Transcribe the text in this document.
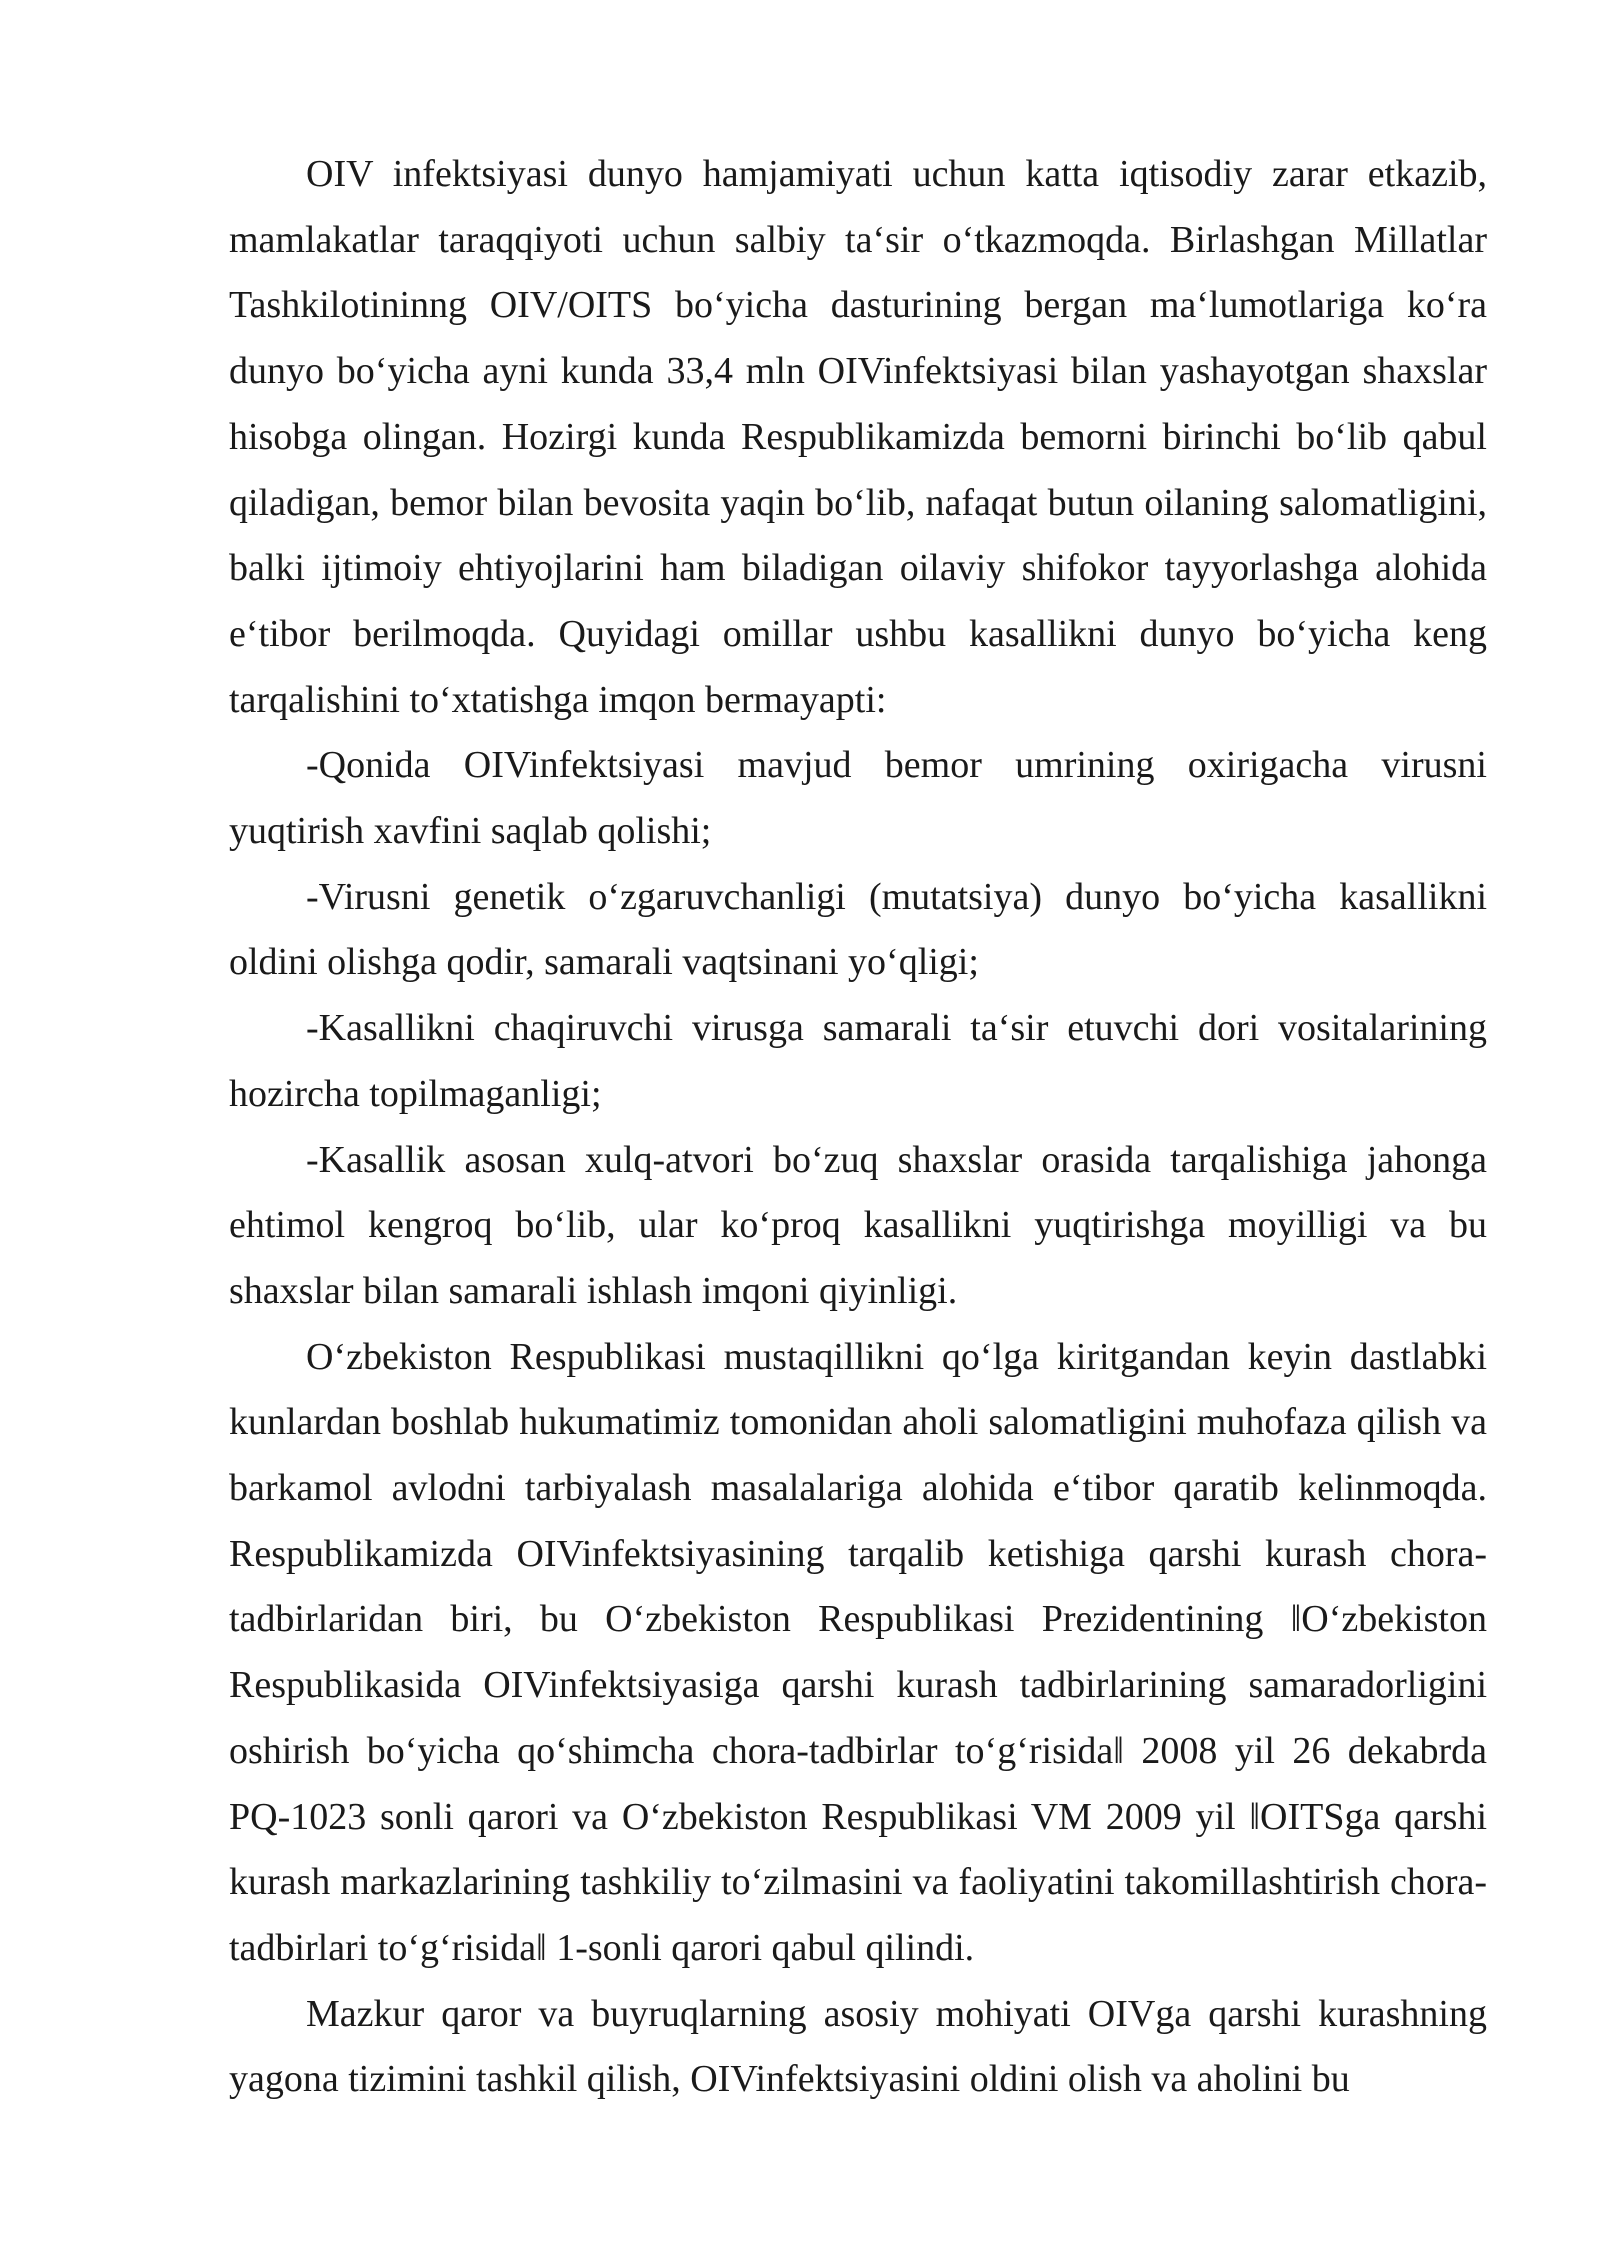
OIV infektsiyasi dunyo hamjamiyati uchun katta iqtisodiy zarar etkazib, mamlakatlar taraqqiyoti uchun salbiy taʻsir oʻtkazmoqda. Birlashgan Millatlar Tashkilotininng OIV/OITS boʻyicha dasturining bergan maʻlumotlariga koʻra dunyo boʻyicha ayni kunda 33,4 mln OIVinfektsiyasi bilan yashayotgan shaxslar hisobga olingan. Hozirgi kunda Respublikamizda bemorni birinchi boʻlib qabul qiladigan, bemor bilan bevosita yaqin boʻlib, nafaqat butun oilaning salomatligini, balki ijtimoiy ehtiyojlarini ham biladigan oilaviy shifokor tayyorlashga alohida eʻtibor berilmoqda. Quyidagi omillar ushbu kasallikni dunyo boʻyicha keng tarqalishini toʻxtatishga imqon bermayapti:

-Qonida OIVinfektsiyasi mavjud bemor umrining oxirigacha virusni yuqtirish xavfini saqlab qolishi;

-Virusni genetik oʻzgaruvchanligi (mutatsiya) dunyo boʻyicha kasallikni oldini olishga qodir, samarali vaqtsinani yoʻqligi;

-Kasallikni chaqiruvchi virusga samarali taʻsir etuvchi dori vositalarining hozircha topilmaganligi;

-Kasallik asosan xulq-atvori boʻzuq shaxslar orasida tarqalishiga jahonga ehtimol kengroq boʻlib, ular koʻproq kasallikni yuqtirishga moyilligi va bu shaxslar bilan samarali ishlash imqoni qiyinligi.

Oʻzbekiston Respublikasi mustaqillikni qoʻlga kiritgandan keyin dastlabki kunlardan boshlab hukumatimiz tomonidan aholi salomatligini muhofaza qilish va barkamol avlodni tarbiyalash masalalariga alohida eʻtibor qaratib kelinmoqda. Respublikamizda OIVinfektsiyasining tarqalib ketishiga qarshi kurash chora-tadbirlaridan biri, bu Oʻzbekiston Respublikasi Prezidentining ‖Oʻzbekiston Respublikasida OIVinfektsiyasiga qarshi kurash tadbirlarining samaradorligini oshirish boʻyicha qoʻshimcha chora-tadbirlar toʻgʻrisida‖ 2008 yil 26 dekabrda PQ-1023 sonli qarori va Oʻzbekiston Respublikasi VM 2009 yil ‖OITSga qarshi kurash markazlarining tashkiliy toʻzilmasini va faoliyatini takomillashtirish chora-tadbirlari toʻgʻrisida‖ 1-sonli qarori qabul qilindi.

Mazkur qaror va buyruqlarning asosiy mohiyati OIVga qarshi kurashning yagona tizimini tashkil qilish, OIVinfektsiyasini oldini olish va aholini bu
